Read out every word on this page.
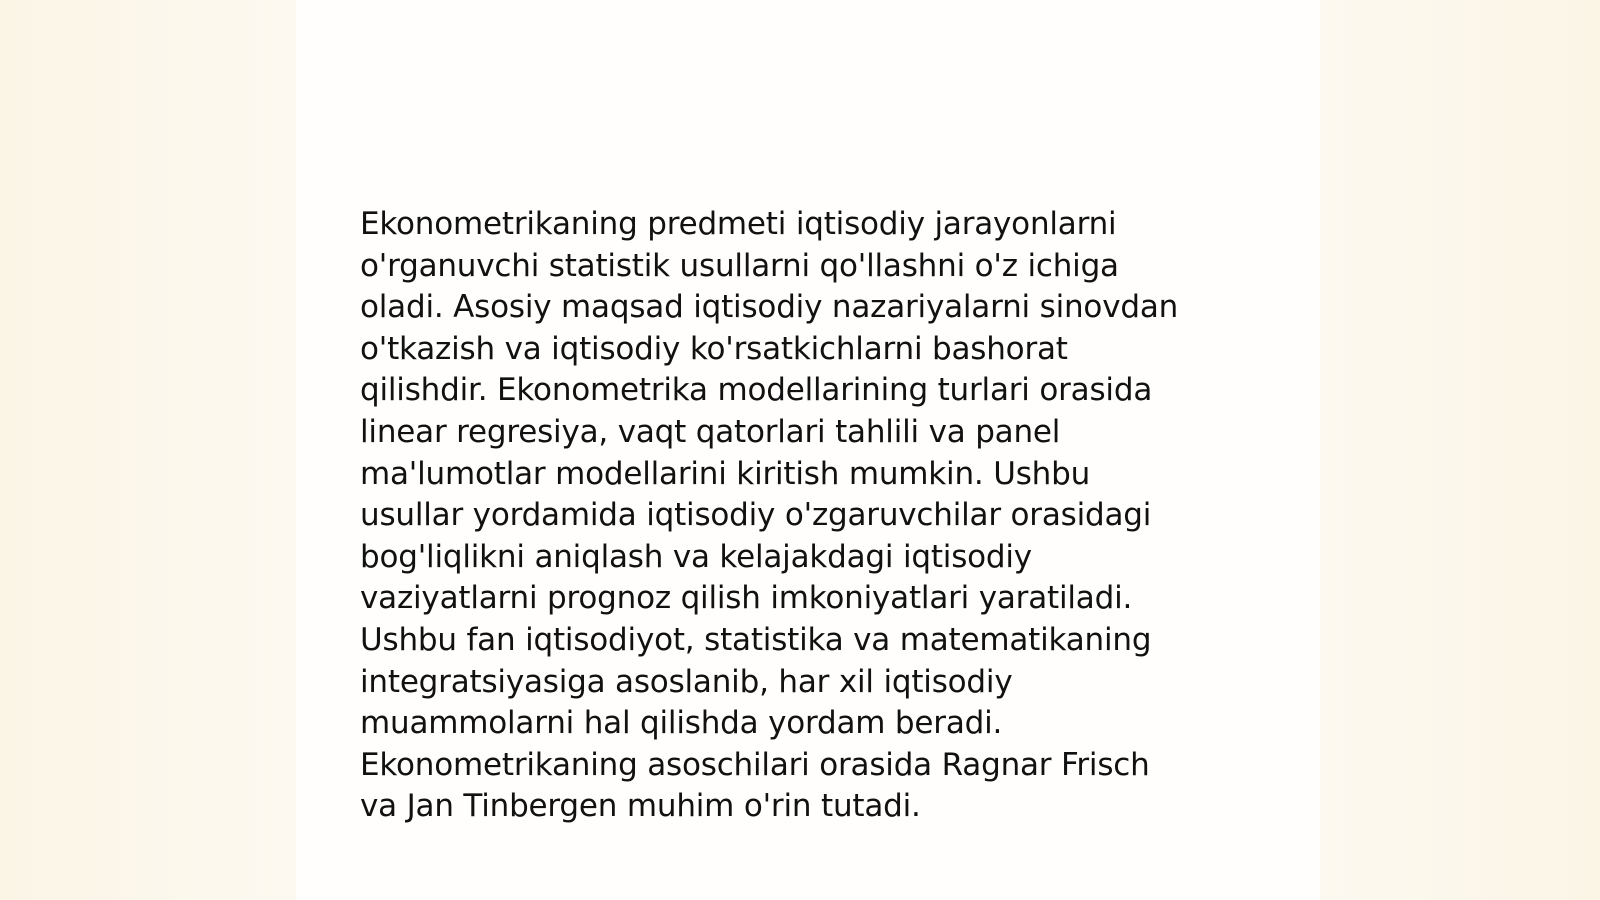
Ekonometrikaning predmeti iqtisodiy jarayonlarni
o'rganuvchi statistik usullarni qo'llashni o'z ichiga
oladi. Asosiy maqsad iqtisodiy nazariyalarni sinovdan
o'tkazish va iqtisodiy ko'rsatkichlarni bashorat
qilishdir. Ekonometrika modellarining turlari orasida
linear regresiya, vaqt qatorlari tahlili va panel
ma'lumotlar modellarini kiritish mumkin. Ushbu
usullar yordamida iqtisodiy o'zgaruvchilar orasidagi
bog'liqlikni aniqlash va kelajakdagi iqtisodiy
vaziyatlarni prognoz qilish imkoniyatlari yaratiladi.
Ushbu fan iqtisodiyot, statistika va matematikaning
integratsiyasiga asoslanib, har xil iqtisodiy
muammolarni hal qilishda yordam beradi.
Ekonometrikaning asoschilari orasida Ragnar Frisch
va Jan Tinbergen muhim o'rin tutadi.
